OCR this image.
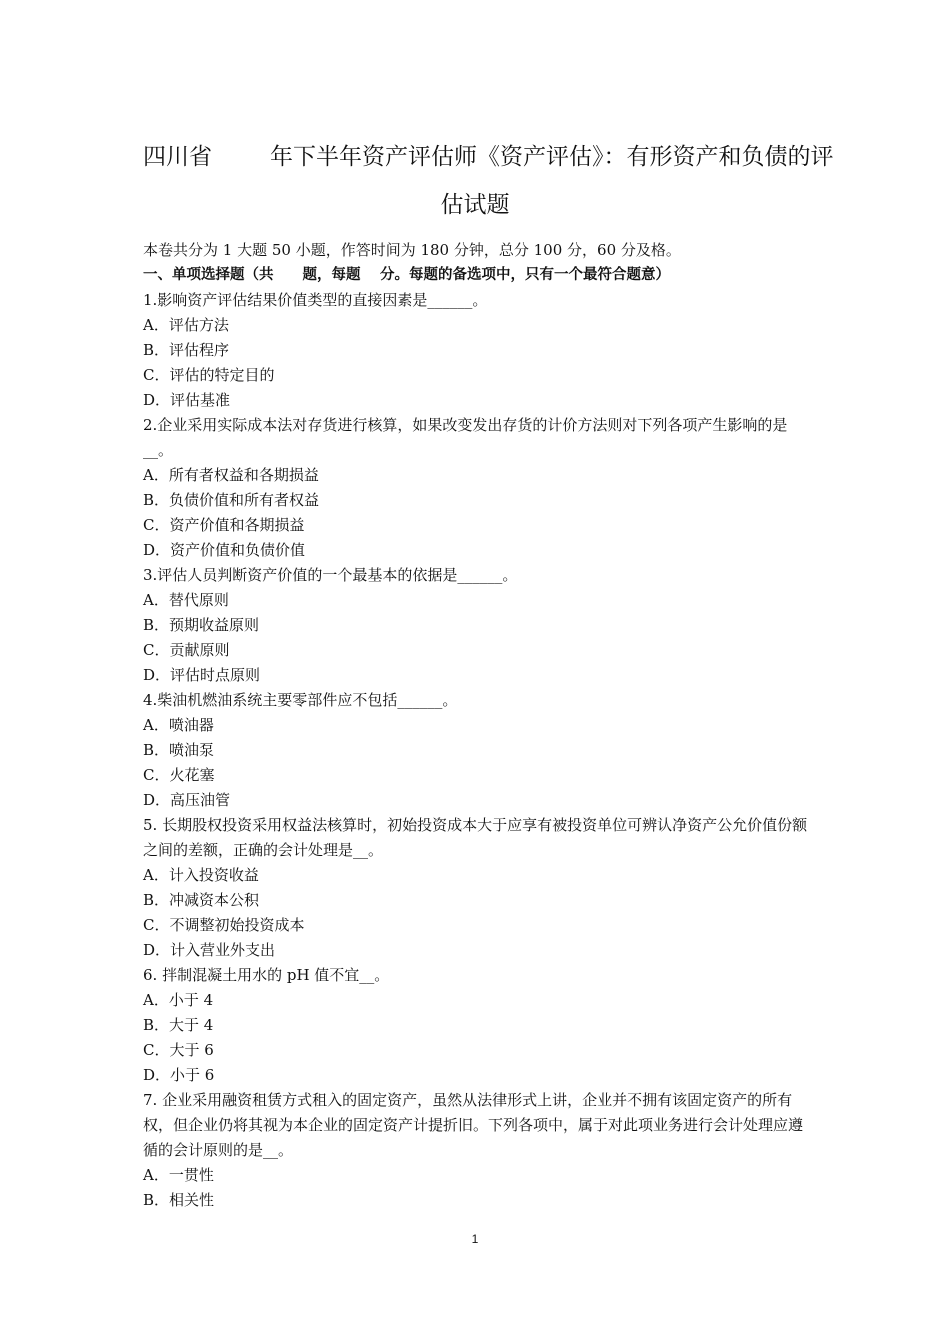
四川省	年下半年资产评估师《资产评估》：有形资产和负债的评
估试题
本卷共分为 1 大题 50 小题，作答时间为 180 分钟，总分 100 分，60 分及格。
一、单项选择题（共　　题，每题　 分。每题的备选项中，只有一个最符合题意）
1.影响资产评估结果价值类型的直接因素是______。
A．评估方法
B．评估程序
C．评估的特定目的
D．评估基准
2.企业采用实际成本法对存货进行核算，如果改变发出存货的计价方法则对下列各项产生影响的是__。
A．所有者权益和各期损益
B．负债价值和所有者权益
C．资产价值和各期损益
D．资产价值和负债价值
3.评估人员判断资产价值的一个最基本的依据是______。
A．替代原则
B．预期收益原则
C．贡献原则
D．评估时点原则
4.柴油机燃油系统主要零部件应不包括______。
A．喷油器
B．喷油泵
C．火花塞
D．高压油管
5. 长期股权投资采用权益法核算时，初始投资成本大于应享有被投资单位可辨认净资产公允价值份额之间的差额，正确的会计处理是__。
A．计入投资收益
B．冲减资本公积
C．不调整初始投资成本
D．计入营业外支出
6. 拌制混凝土用水的 pH 值不宜__。
A．小于 4
B．大于 4
C．大于 6
D．小于 6
7. 企业采用融资租赁方式租入的固定资产，虽然从法律形式上讲，企业并不拥有该固定资产的所有权，但企业仍将其视为本企业的固定资产计提折旧。下列各项中，属于对此项业务进行会计处理应遵循的会计原则的是__。
A．一贯性
B．相关性
1
